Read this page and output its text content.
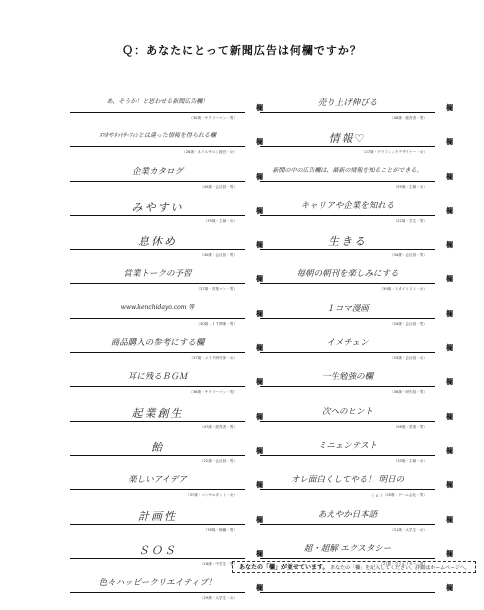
Ｑ：あなたにとって新聞広告は何欄ですか？
あ、そうか！と思わせる新聞広告欄！
（30歳・サラリーマン・男）
欄
ｽﾏﾎやﾈｯﾄｻｰﾌｨﾝとは違った情報を得られる欄
（26歳・ネイルサロン経営・女）
欄
企業カタログ
（45歳・会社員・男）
欄
みやすい
（79歳・主婦・女）
欄
息休め
（40歳・会社員・男）
欄
営業トークの予習
（27歳・営業マン・男）
欄
www.kenchidayo.com 等
（30歳・ＩＴ関係・男）
欄
商品購入の参考にする欄
（37歳・メイク研究家・女）
欄
耳に残るＢＧＭ
（36歳・サラリーマン・男）
欄
起業創生
（47歳・経営者・男）
欄
飴
（22歳・会社員・男）
欄
楽しいアイデア
（37歳・コンサルタント・女）
欄
計画性
（78歳・無職・男）
欄
ＳＯＳ
（18歳・中学生・男）
欄
色々ハッピークリエイティブ！
（29歳・大学生・女）
欄
売り上げ伸びる
（48歳・経営者・男）
欄
情報♡
（27歳・グラフィックデザイナー・女）
欄
新聞の中の広告欄は、最新の情報を知ることができる。
（55歳・主婦・女）
欄
キャリアや企業を知れる
（22歳・学生・男）
欄
生きる
（34歳・会社員・男）
欄
毎朝の朝刊を楽しみにする
（39歳・スタイリスト・女）
欄
１コマ漫画
（34歳・会社員・男）
欄
イメチェン
（33歳・会社員・女）
欄
一生勉強の欄
（36歳・研究員・男）
欄
次へのヒント
（56歳・営業・男）
欄
ミニェンテスト
（33歳・主婦・女）
欄
オレ面白くしてやる！ 明日の
（25歳・ゲーム会社・男）
欄
あえやか日本語
（31歳・大学生・女）
欄
超・超解 エクスタシー
（27歳・クリエイター・男）
欄
欄
（ ６ ）
あなたの「欄」が並せています。 あなたの「欄」を記入してください。詳細はホームページへ。
